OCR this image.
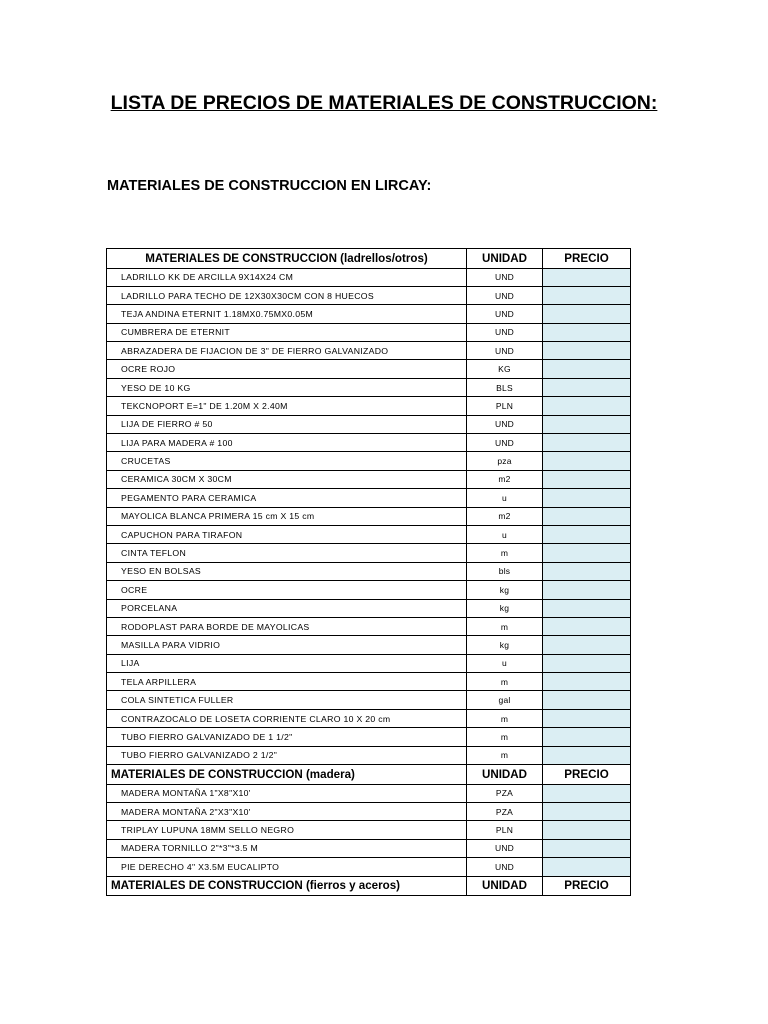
LISTA DE PRECIOS DE MATERIALES DE CONSTRUCCION:
MATERIALES DE CONSTRUCCION EN LIRCAY:
MATERIALES DE CONSTRUCCION (ladrellos/otros)	UNIDAD	PRECIO
LADRILLO KK DE ARCILLA 9X14X24 CM	UND	
LADRILLO PARA TECHO DE 12X30X30CM CON 8 HUECOS	UND	
TEJA ANDINA ETERNIT 1.18MX0.75MX0.05M	UND	
CUMBRERA DE ETERNIT	UND	
ABRAZADERA DE FIJACION DE 3" DE FIERRO GALVANIZADO	UND	
OCRE ROJO	KG	
YESO DE 10 KG	BLS	
TEKCNOPORT E=1" DE 1.20M X 2.40M	PLN	
LIJA DE FIERRO # 50	UND	
LIJA PARA MADERA # 100	UND	
CRUCETAS	pza	
CERAMICA 30CM X 30CM	m2	
PEGAMENTO PARA CERAMICA	u	
MAYOLICA BLANCA PRIMERA 15 cm X 15 cm	m2	
CAPUCHON PARA TIRAFON	u	
CINTA TEFLON	m	
YESO EN BOLSAS	bls	
OCRE	kg	
PORCELANA	kg	
RODOPLAST PARA BORDE DE MAYOLICAS	m	
MASILLA PARA VIDRIO	kg	
LIJA	u	
TELA ARPILLERA	m	
COLA SINTETICA FULLER	gal	
CONTRAZOCALO DE LOSETA CORRIENTE CLARO 10 X 20 cm	m	
TUBO FIERRO GALVANIZADO DE 1 1/2"	m	
TUBO FIERRO GALVANIZADO 2 1/2"	m	
MATERIALES DE CONSTRUCCION (madera)	UNIDAD	PRECIO
MADERA MONTAÑA 1"X8"X10'	PZA	
MADERA MONTAÑA 2"X3"X10'	PZA	
TRIPLAY LUPUNA 18MM SELLO NEGRO	PLN	
MADERA TORNILLO 2"*3"*3.5 M	UND	
PIE DERECHO 4" X3.5M EUCALIPTO	UND	
MATERIALES DE CONSTRUCCION (fierros y aceros)	UNIDAD	PRECIO
